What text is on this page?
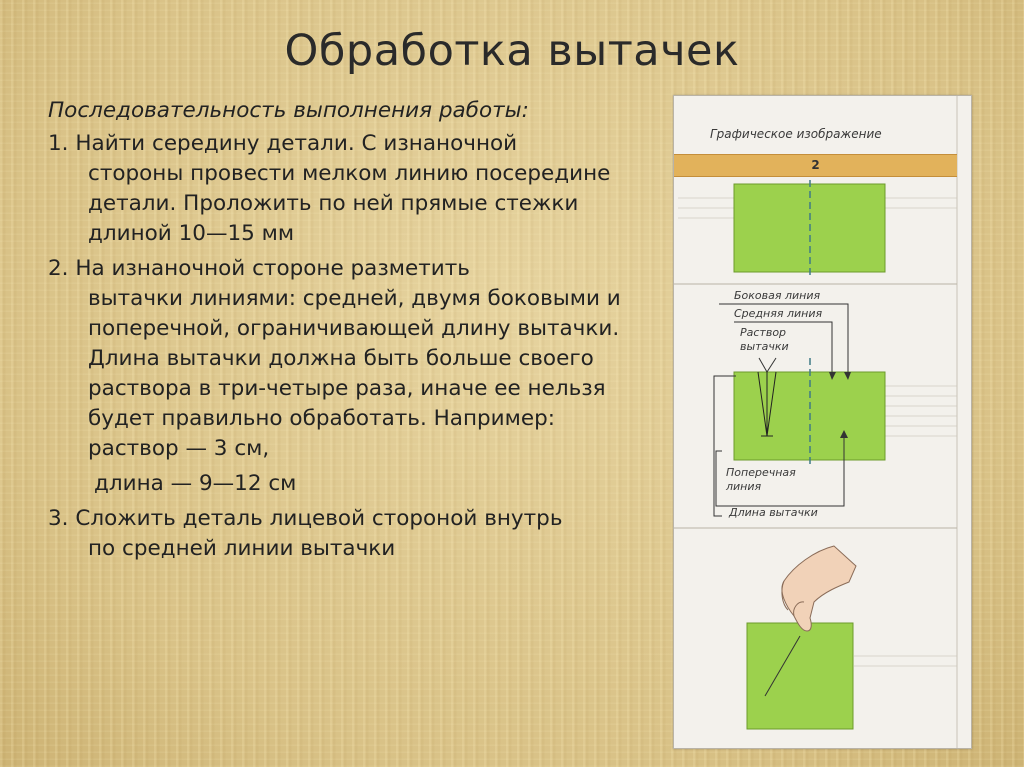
Обработка вытачек
Последовательность выполнения работы:
1. Найти середину детали. С изнаночной
стороны провести мелком линию посередине детали. Проложить по ней прямые стежки длиной 10—15 мм
2. На изнаночной стороне разметить
вытачки линиями: средней, двумя боковыми и поперечной, ограничивающей длину вытачки. Длина вытачки должна быть больше своего раствора в три-четыре раза, иначе ее нельзя будет правильно обработать. Например: раствор — 3 см,
длина — 9—12 см
3. Сложить деталь лицевой стороной внутрь
по средней линии вытачки
Графическое изображение
2
Боковая линия
Средняя линия
Раствор
вытачки
Поперечная
линия
Длина вытачки
